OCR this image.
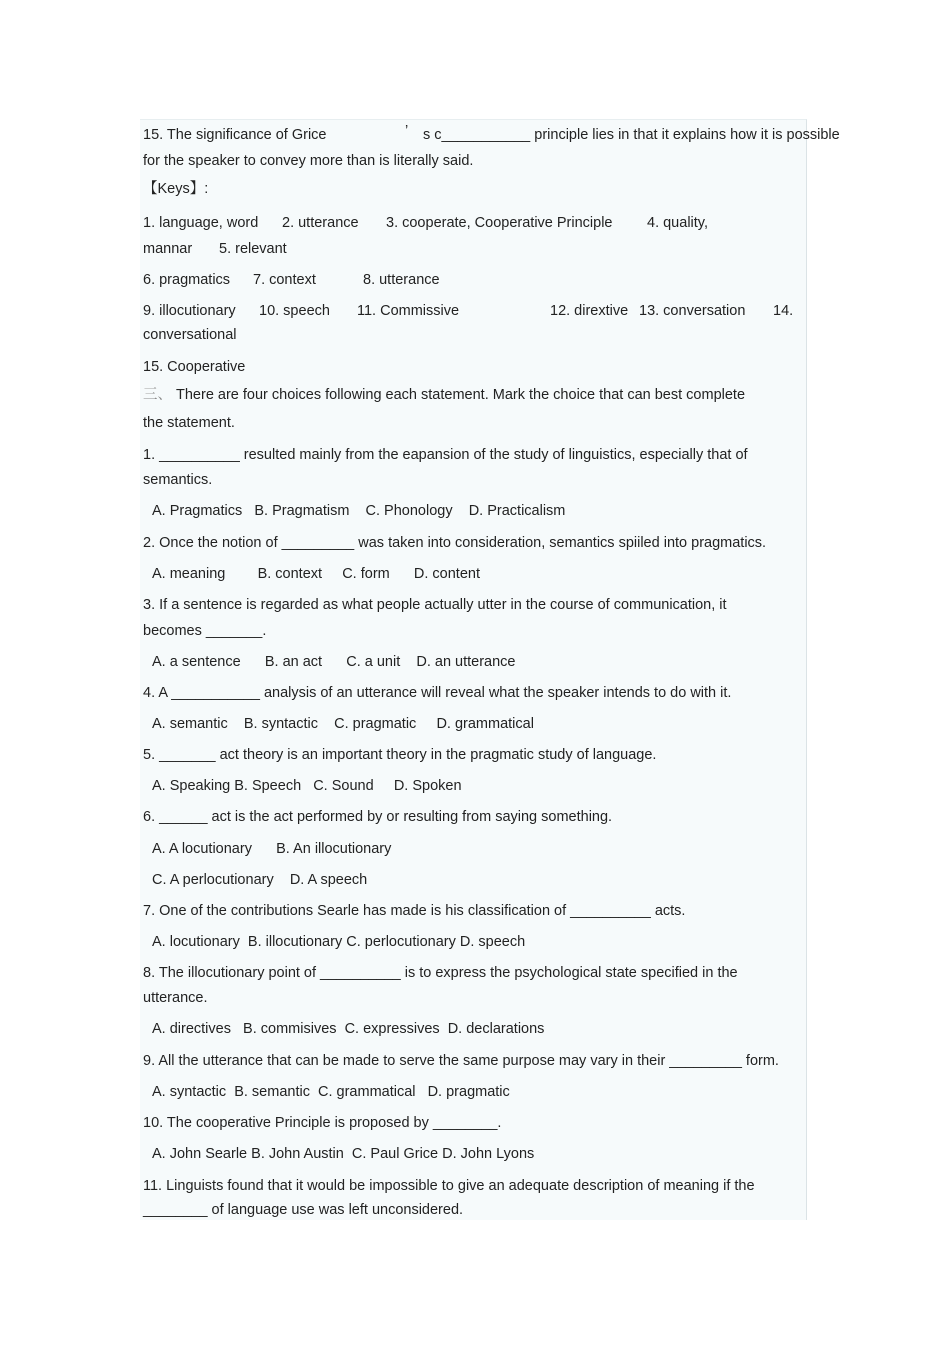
15. The significance of Grice	’ s c___________ principle lies in that it explains how it is possible
for the speaker to convey more than is literally said.
【Keys】:
1. language, word 2. utterance 3. cooperate, Cooperative Principle 4. quality,
mannar 5. relevant
6. pragmatics 7. context	8. utterance
9. illocutionary 10. speech 11. Commissive	12. dirextive 13. conversation 14.
conversational
15. Cooperative
三、 There are four choices following each statement. Mark the choice that can best complete
the statement.
1. __________ resulted mainly from the eapansion of the study of linguistics, especially that of
semantics.
A. Pragmatics   B. Pragmatism    C. Phonology    D. Practicalism
2. Once the notion of _________ was taken into consideration, semantics spiiled into pragmatics.
A. meaning        B. context     C. form      D. content
3. If a sentence is regarded as what people actually utter in the course of communication, it
becomes _______.
A. a sentence      B. an act      C. a unit    D. an utterance
4. A ___________ analysis of an utterance will reveal what the speaker intends to do with it.
A. semantic    B. syntactic    C. pragmatic     D. grammatical
5. _______ act theory is an important theory in the pragmatic study of language.
A. Speaking B. Speech   C. Sound     D. Spoken
6. ______ act is the act performed by or resulting from saying something.
A. A locutionary      B. An illocutionary
C. A perlocutionary    D. A speech
7. One of the contributions Searle has made is his classification of __________ acts.
A. locutionary  B. illocutionary C. perlocutionary D. speech
8. The illocutionary point of __________ is to express the psychological state specified in the
utterance.
A. directives   B. commisives  C. expressives  D. declarations
9. All the utterance that can be made to serve the same purpose may vary in their _________ form.
A. syntactic  B. semantic  C. grammatical   D. pragmatic
10. The cooperative Principle is proposed by ________.
A. John Searle B. John Austin  C. Paul Grice D. John Lyons
11. Linguists found that it would be impossible to give an adequate description of meaning if the
________ of language use was left unconsidered.
